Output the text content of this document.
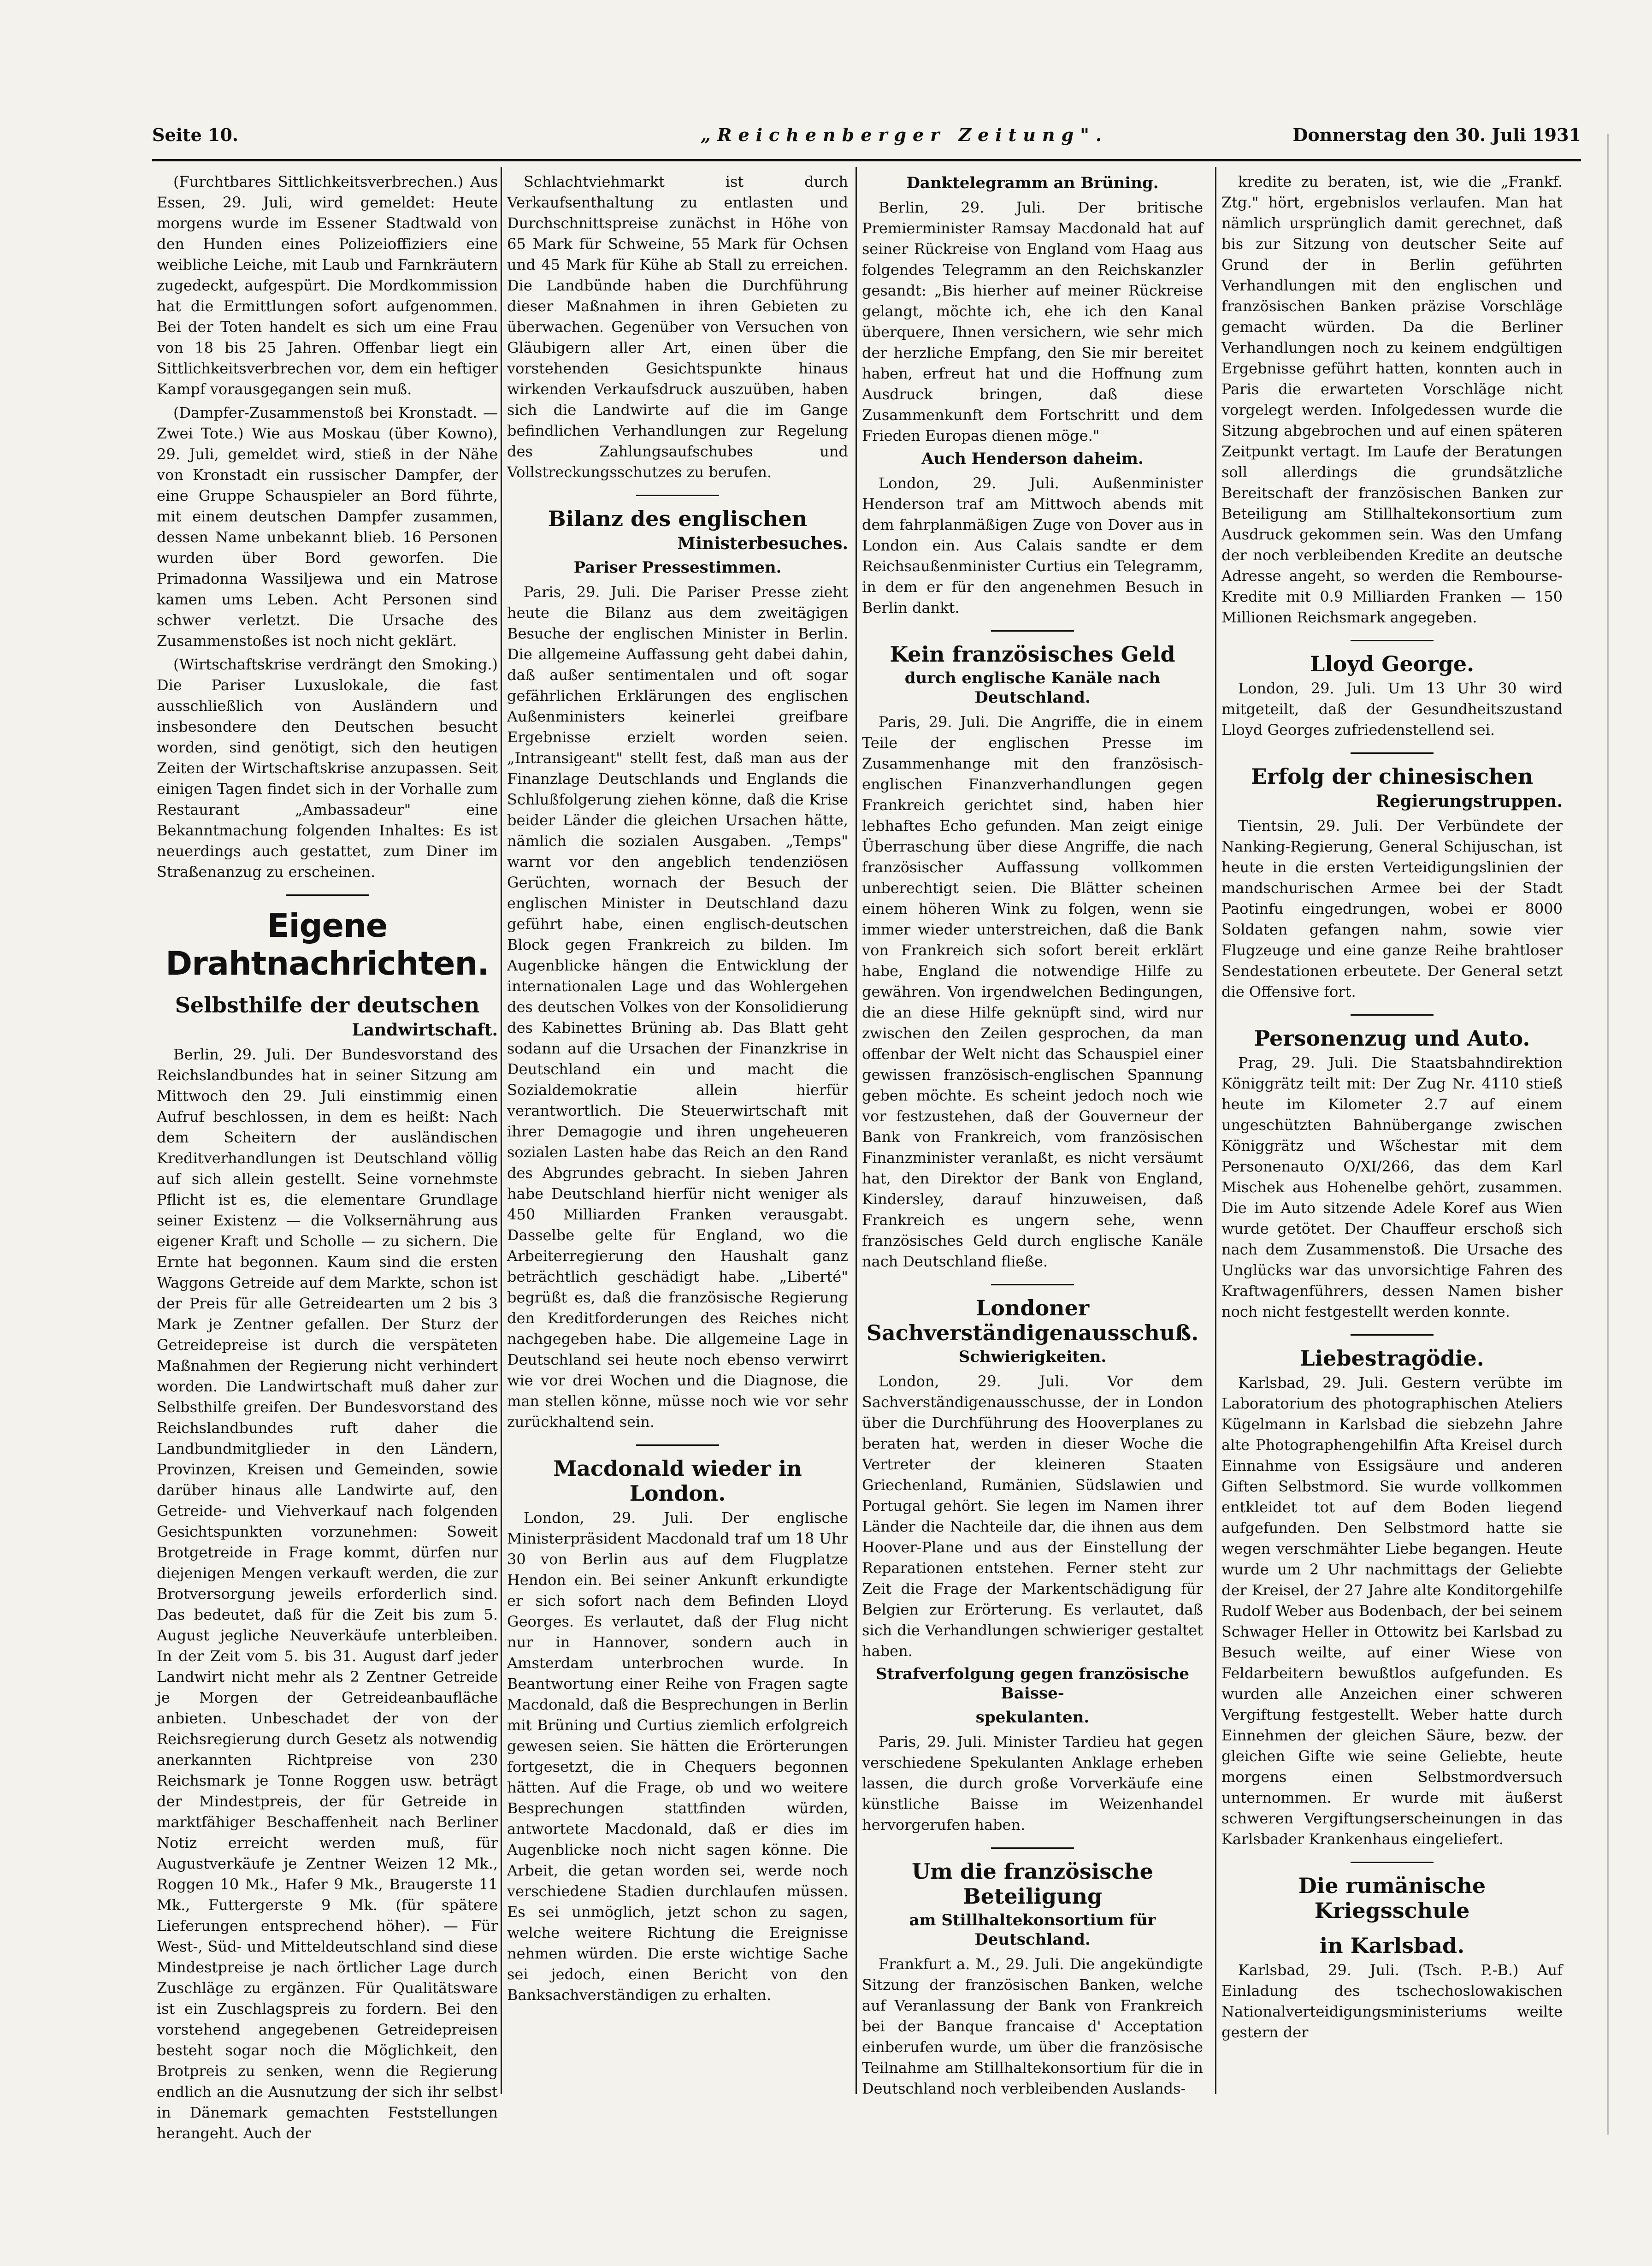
Seite 10.	„Reichenberger Zeitung".	Donnerstag den 30. Juli 1931

(Furchtbares Sittlichkeitsverbrechen.) Aus Essen, 29. Juli, wird gemeldet: Heute morgens wurde im Essener Stadtwald von den Hunden eines Polizeioffiziers eine weibliche Leiche, mit Laub und Farnkräutern zugedeckt, aufgespürt. Die Mordkommission hat die Ermittlungen sofort aufgenommen. Bei der Toten handelt es sich um eine Frau von 18 bis 25 Jahren. Offenbar liegt ein Sittlichkeitsverbrechen vor, dem ein heftiger Kampf vorausgegangen sein muß.

(Dampfer-Zusammenstoß bei Kronstadt. — Zwei Tote.) Wie aus Moskau (über Kowno), 29. Juli, gemeldet wird, stieß in der Nähe von Kronstadt ein russischer Dampfer, der eine Gruppe Schauspieler an Bord führte, mit einem deutschen Dampfer zusammen, dessen Name unbekannt blieb. 16 Personen wurden über Bord geworfen. Die Primadonna Wassiljewa und ein Matrose kamen ums Leben. Acht Personen sind schwer verletzt. Die Ursache des Zusammenstoßes ist noch nicht geklärt.

(Wirtschaftskrise verdrängt den Smoking.) Die Pariser Luxuslokale, die fast ausschließlich von Ausländern und insbesondere den Deutschen besucht worden, sind genötigt, sich den heutigen Zeiten der Wirtschaftskrise anzupassen. Seit einigen Tagen findet sich in der Vorhalle zum Restaurant „Ambassadeur" eine Bekanntmachung folgenden Inhaltes: Es ist neuerdings auch gestattet, zum Diner im Straßenanzug zu erscheinen.

Eigene Drahtnachrichten.
Selbsthilfe der deutschen
Landwirtschaft.

Berlin, 29. Juli. Der Bundesvorstand des Reichslandbundes hat in seiner Sitzung am Mittwoch den 29. Juli einstimmig einen Aufruf beschlossen, in dem es heißt: Nach dem Scheitern der ausländischen Kreditverhandlungen ist Deutschland völlig auf sich allein gestellt. Seine vornehmste Pflicht ist es, die elementare Grundlage seiner Existenz — die Volksernährung aus eigener Kraft und Scholle — zu sichern. Die Ernte hat begonnen. Kaum sind die ersten Waggons Getreide auf dem Markte, schon ist der Preis für alle Getreidearten um 2 bis 3 Mark je Zentner gefallen. Der Sturz der Getreidepreise ist durch die verspäteten Maßnahmen der Regierung nicht verhindert worden. Die Landwirtschaft muß daher zur Selbsthilfe greifen. Der Bundesvorstand des Reichslandbundes ruft daher die Landbundmitglieder in den Ländern, Provinzen, Kreisen und Gemeinden, sowie darüber hinaus alle Landwirte auf, den Getreide- und Viehverkauf nach folgenden Gesichtspunkten vorzunehmen: Soweit Brotgetreide in Frage kommt, dürfen nur diejenigen Mengen verkauft werden, die zur Brotversorgung jeweils erforderlich sind. Das bedeutet, daß für die Zeit bis zum 5. August jegliche Neuverkäufe unterbleiben. In der Zeit vom 5. bis 31. August darf jeder Landwirt nicht mehr als 2 Zentner Getreide je Morgen der Getreideanbaufläche anbieten. Unbeschadet der von der Reichsregierung durch Gesetz als notwendig anerkannten Richtpreise von 230 Reichsmark je Tonne Roggen usw. beträgt der Mindestpreis, der für Getreide in marktfähiger Beschaffenheit nach Berliner Notiz erreicht werden muß, für Augustverkäufe je Zentner Weizen 12 Mk., Roggen 10 Mk., Hafer 9 Mk., Braugerste 11 Mk., Futtergerste 9 Mk. (für spätere Lieferungen entsprechend höher). — Für West-, Süd- und Mitteldeutschland sind diese Mindestpreise je nach örtlicher Lage durch Zuschläge zu ergänzen. Für Qualitätsware ist ein Zuschlagspreis zu fordern. Bei den vorstehend angegebenen Getreidepreisen besteht sogar noch die Möglichkeit, den Brotpreis zu senken, wenn die Regierung endlich an die Ausnutzung der sich ihr selbst in Dänemark gemachten Feststellungen herangeht. Auch der

Schlachtviehmarkt ist durch Verkaufsenthaltung zu entlasten und Durchschnittspreise zunächst in Höhe von 65 Mark für Schweine, 55 Mark für Ochsen und 45 Mark für Kühe ab Stall zu erreichen. Die Landbünde haben die Durchführung dieser Maßnahmen in ihren Gebieten zu überwachen. Gegenüber von Versuchen von Gläubigern aller Art, einen über die vorstehenden Gesichtspunkte hinaus wirkenden Verkaufsdruck auszuüben, haben sich die Landwirte auf die im Gange befindlichen Verhandlungen zur Regelung des Zahlungsaufschubes und Vollstreckungsschutzes zu berufen.

Bilanz des englischen
Ministerbesuches.
Pariser Pressestimmen.

Paris, 29. Juli. Die Pariser Presse zieht heute die Bilanz aus dem zweitägigen Besuche der englischen Minister in Berlin. Die allgemeine Auffassung geht dabei dahin, daß außer sentimentalen und oft sogar gefährlichen Erklärungen des englischen Außenministers keinerlei greifbare Ergebnisse erzielt worden seien. „Intransigeant" stellt fest, daß man aus der Finanzlage Deutschlands und Englands die Schlußfolgerung ziehen könne, daß die Krise beider Länder die gleichen Ursachen hätte, nämlich die sozialen Ausgaben. „Temps" warnt vor den angeblich tendenziösen Gerüchten, wornach der Besuch der englischen Minister in Deutschland dazu geführt habe, einen englisch-deutschen Block gegen Frankreich zu bilden. Im Augenblicke hängen die Entwicklung der internationalen Lage und das Wohlergehen des deutschen Volkes von der Konsolidierung des Kabinettes Brüning ab. Das Blatt geht sodann auf die Ursachen der Finanzkrise in Deutschland ein und macht die Sozialdemokratie allein hierfür verantwortlich. Die Steuerwirtschaft mit ihrer Demagogie und ihren ungeheueren sozialen Lasten habe das Reich an den Rand des Abgrundes gebracht. In sieben Jahren habe Deutschland hierfür nicht weniger als 450 Milliarden Franken verausgabt. Dasselbe gelte für England, wo die Arbeiterregierung den Haushalt ganz beträchtlich geschädigt habe. „Liberté" begrüßt es, daß die französische Regierung den Kreditforderungen des Reiches nicht nachgegeben habe. Die allgemeine Lage in Deutschland sei heute noch ebenso verwirrt wie vor drei Wochen und die Diagnose, die man stellen könne, müsse noch wie vor sehr zurückhaltend sein.

Macdonald wieder in London.

London, 29. Juli. Der englische Ministerpräsident Macdonald traf um 18 Uhr 30 von Berlin aus auf dem Flugplatze Hendon ein. Bei seiner Ankunft erkundigte er sich sofort nach dem Befinden Lloyd Georges. Es verlautet, daß der Flug nicht nur in Hannover, sondern auch in Amsterdam unterbrochen wurde. In Beantwortung einer Reihe von Fragen sagte Macdonald, daß die Besprechungen in Berlin mit Brüning und Curtius ziemlich erfolgreich gewesen seien. Sie hätten die Erörterungen fortgesetzt, die in Chequers begonnen hätten. Auf die Frage, ob und wo weitere Besprechungen stattfinden würden, antwortete Macdonald, daß er dies im Augenblicke noch nicht sagen könne. Die Arbeit, die getan worden sei, werde noch verschiedene Stadien durchlaufen müssen. Es sei unmöglich, jetzt schon zu sagen, welche weitere Richtung die Ereignisse nehmen würden. Die erste wichtige Sache sei jedoch, einen Bericht von den Banksachverständigen zu erhalten.

Danktelegramm an Brüning.

Berlin, 29. Juli. Der britische Premierminister Ramsay Macdonald hat auf seiner Rückreise von England vom Haag aus folgendes Telegramm an den Reichskanzler gesandt: „Bis hierher auf meiner Rückreise gelangt, möchte ich, ehe ich den Kanal überquere, Ihnen versichern, wie sehr mich der herzliche Empfang, den Sie mir bereitet haben, erfreut hat und die Hoffnung zum Ausdruck bringen, daß diese Zusammenkunft dem Fortschritt und dem Frieden Europas dienen möge."

Auch Henderson daheim.

London, 29. Juli. Außenminister Henderson traf am Mittwoch abends mit dem fahrplanmäßigen Zuge von Dover aus in London ein. Aus Calais sandte er dem Reichsaußenminister Curtius ein Telegramm, in dem er für den angenehmen Besuch in Berlin dankt.

Kein französisches Geld
durch englische Kanäle nach Deutschland.

Paris, 29. Juli. Die Angriffe, die in einem Teile der englischen Presse im Zusammenhange mit den französisch-englischen Finanzverhandlungen gegen Frankreich gerichtet sind, haben hier lebhaftes Echo gefunden. Man zeigt einige Überraschung über diese Angriffe, die nach französischer Auffassung vollkommen unberechtigt seien. Die Blätter scheinen einem höheren Wink zu folgen, wenn sie immer wieder unterstreichen, daß die Bank von Frankreich sich sofort bereit erklärt habe, England die notwendige Hilfe zu gewähren. Von irgendwelchen Bedingungen, die an diese Hilfe geknüpft sind, wird nur zwischen den Zeilen gesprochen, da man offenbar der Welt nicht das Schauspiel einer gewissen französisch-englischen Spannung geben möchte. Es scheint jedoch noch wie vor festzustehen, daß der Gouverneur der Bank von Frankreich, vom französischen Finanzminister veranlaßt, es nicht versäumt hat, den Direktor der Bank von England, Kindersley, darauf hinzuweisen, daß Frankreich es ungern sehe, wenn französisches Geld durch englische Kanäle nach Deutschland fließe.

Londoner Sachverständigenausschuß.
Schwierigkeiten.

London, 29. Juli. Vor dem Sachverständigenausschusse, der in London über die Durchführung des Hooverplanes zu beraten hat, werden in dieser Woche die Vertreter der kleineren Staaten Griechenland, Rumänien, Südslawien und Portugal gehört. Sie legen im Namen ihrer Länder die Nachteile dar, die ihnen aus dem Hoover-Plane und aus der Einstellung der Reparationen entstehen. Ferner steht zur Zeit die Frage der Markentschädigung für Belgien zur Erörterung. Es verlautet, daß sich die Verhandlungen schwieriger gestaltet haben.

Strafverfolgung gegen französische Baisse-
spekulanten.

Paris, 29. Juli. Minister Tardieu hat gegen verschiedene Spekulanten Anklage erheben lassen, die durch große Vorverkäufe eine künstliche Baisse im Weizenhandel hervorgerufen haben.

Um die französische Beteiligung
am Stillhaltekonsortium für Deutschland.

Frankfurt a. M., 29. Juli. Die angekündigte Sitzung der französischen Banken, welche auf Veranlassung der Bank von Frankreich bei der Banque francaise d' Acceptation einberufen wurde, um über die französische Teilnahme am Stillhaltekonsortium für die in Deutschland noch verbleibenden Auslands-

kredite zu beraten, ist, wie die „Frankf. Ztg." hört, ergebnislos verlaufen. Man hat nämlich ursprünglich damit gerechnet, daß bis zur Sitzung von deutscher Seite auf Grund der in Berlin geführten Verhandlungen mit den englischen und französischen Banken präzise Vorschläge gemacht würden. Da die Berliner Verhandlungen noch zu keinem endgültigen Ergebnisse geführt hatten, konnten auch in Paris die erwarteten Vorschläge nicht vorgelegt werden. Infolgedessen wurde die Sitzung abgebrochen und auf einen späteren Zeitpunkt vertagt. Im Laufe der Beratungen soll allerdings die grundsätzliche Bereitschaft der französischen Banken zur Beteiligung am Stillhaltekonsortium zum Ausdruck gekommen sein. Was den Umfang der noch verbleibenden Kredite an deutsche Adresse angeht, so werden die Rembourse-Kredite mit 0.9 Milliarden Franken — 150 Millionen Reichsmark angegeben.

Lloyd George.

London, 29. Juli. Um 13 Uhr 30 wird mitgeteilt, daß der Gesundheitszustand Lloyd Georges zufriedenstellend sei.

Erfolg der chinesischen
Regierungstruppen.

Tientsin, 29. Juli. Der Verbündete der Nanking-Regierung, General Schijuschan, ist heute in die ersten Verteidigungslinien der mandschurischen Armee bei der Stadt Paotinfu eingedrungen, wobei er 8000 Soldaten gefangen nahm, sowie vier Flugzeuge und eine ganze Reihe brahtloser Sendestationen erbeutete. Der General setzt die Offensive fort.

Personenzug und Auto.

Prag, 29. Juli. Die Staatsbahndirektion Königgrätz teilt mit: Der Zug Nr. 4110 stieß heute im Kilometer 2.7 auf einem ungeschützten Bahnübergange zwischen Königgrätz und Wšchestar mit dem Personenauto O/XI/266, das dem Karl Mischek aus Hohenelbe gehört, zusammen. Die im Auto sitzende Adele Koref aus Wien wurde getötet. Der Chauffeur erschoß sich nach dem Zusammenstoß. Die Ursache des Unglücks war das unvorsichtige Fahren des Kraftwagenführers, dessen Namen bisher noch nicht festgestellt werden konnte.

Liebestragödie.

Karlsbad, 29. Juli. Gestern verübte im Laboratorium des photographischen Ateliers Kügelmann in Karlsbad die siebzehn Jahre alte Photographengehilfin Afta Kreisel durch Einnahme von Essigsäure und anderen Giften Selbstmord. Sie wurde vollkommen entkleidet tot auf dem Boden liegend aufgefunden. Den Selbstmord hatte sie wegen verschmähter Liebe begangen. Heute wurde um 2 Uhr nachmittags der Geliebte der Kreisel, der 27 Jahre alte Konditorgehilfe Rudolf Weber aus Bodenbach, der bei seinem Schwager Heller in Ottowitz bei Karlsbad zu Besuch weilte, auf einer Wiese von Feldarbeitern bewußtlos aufgefunden. Es wurden alle Anzeichen einer schweren Vergiftung festgestellt. Weber hatte durch Einnehmen der gleichen Säure, bezw. der gleichen Gifte wie seine Geliebte, heute morgens einen Selbstmordversuch unternommen. Er wurde mit äußerst schweren Vergiftungserscheinungen in das Karlsbader Krankenhaus eingeliefert.

Die rumänische Kriegsschule
in Karlsbad.

Karlsbad, 29. Juli. (Tsch. P.-B.) Auf Einladung des tschechoslowakischen Nationalverteidigungsministeriums weilte gestern der
